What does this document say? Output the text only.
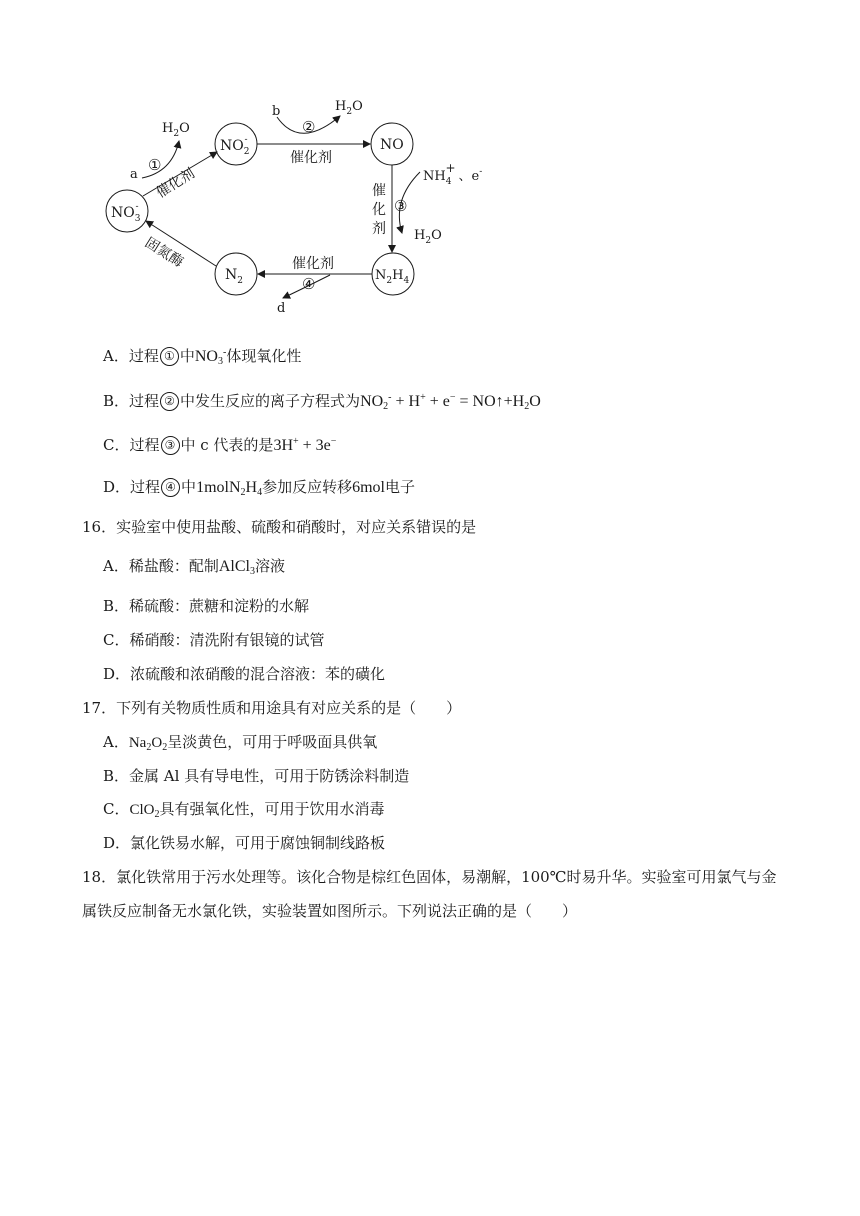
$NO_3-$
$NO_2-$	NO
$N_2H_4$
$N_2$
a
①
$H_2O$
催化剂
b
②
$H_2O$
催化剂
$NH_4+$、e-
③
$H_2O$
催
化
剂
催化剂
④
d
固氮酶
A．过程 ① 中NO3-体现氧化性
B．过程 ② 中发生反应的离子方程式为NO2- + H+ + e− = NO↑+H2O
C．过程 ③ 中 c 代表的是3H+ + 3e−
D．过程 ④ 中1molN2H4参加反应转移6mol电子
16．实验室中使用盐酸、硫酸和硝酸时，对应关系错误的是
A．稀盐酸：配制AlCl3溶液
B．稀硫酸：蔗糖和淀粉的水解
C．稀硝酸：清洗附有银镜的试管
D．浓硫酸和浓硝酸的混合溶液：苯的磺化
17．下列有关物质性质和用途具有对应关系的是（　　）
A．$Na_2O_2$呈淡黄色，可用于呼吸面具供氧
B．金属 Al 具有导电性，可用于防锈涂料制造
C．ClO$_2$具有强氧化性，可用于饮用水消毒
D．氯化铁易水解，可用于腐蚀铜制线路板
18．氯化铁常用于污水处理等。该化合物是棕红色固体，易潮解，100℃时易升华。实验室可用氯气与金
属铁反应制备无水氯化铁，实验装置如图所示。下列说法正确的是（　　）
